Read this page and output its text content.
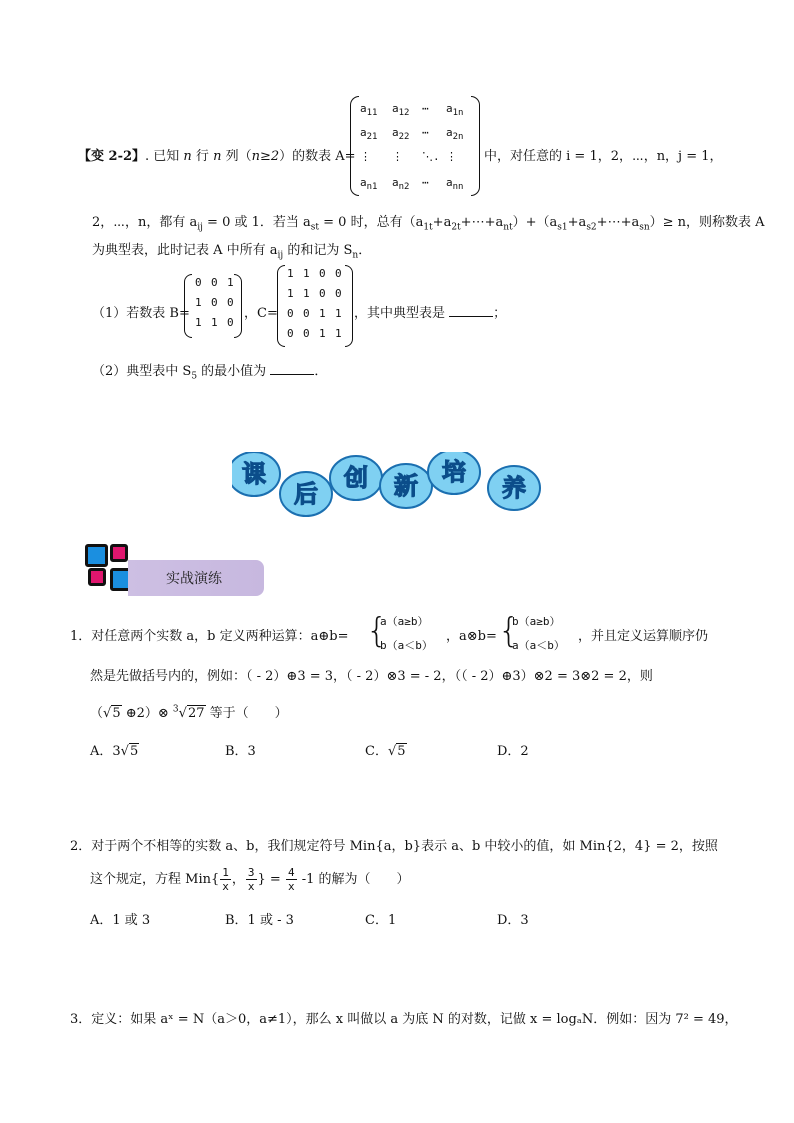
【变 2-2】. 已知 n 行 n 列（n≥2）的数表 A=
$a_{11}$ $a_{12}$ ⋯ $a_{1n}$
$a_{21}$ $a_{22}$ ⋯ $a_{2n}$
⋮ ⋮ ⋱. ⋮
$a_{n1}$ $a_{n2}$ ⋯ $a_{nn}$
中，对任意的 i = 1，2，⋯，n，j = 1，
2，⋯，n，都有 $a_{ij} = 0$ 或 1．若当 $a_{st} = 0$ 时，总有$(a_{1t}+a_{2t}+\cdots+a_{nt})+(a_{s1}+a_{s2}+\cdots+a_{sn})\ge n$，则称数表 A
为典型表，此时记表 A 中所有 $a_{ij}$ 的和记为 $S_n$．
（1）若数表 B=
0 0 1
1 0 0
1 1 0
，C=
1 1 0 0
1 1 0 0
0 0 1 1
0 0 1 1
，其中典型表是	；
（2）典型表中 $S_5$ 的最小值为	．
课
后
创 新 培
养
实战演练
1．对任意两个实数 a，b 定义两种运算：a⊕b= {
a（a≥b）
b（a＜b）
，a⊗b= {
b（a≥b）
a（a＜b）
，并且定义运算顺序仍
然是先做括号内的，例如：（ - 2）⊕3 = 3，（ - 2）⊗3 = - 2，（（ - 2）⊕3）⊗2 = 3⊗2 = 2，则
（√5 ⊕2）⊗ $^3$√27 等于（　　）
A．3√5	B．3	C．√5	D．2
2．对于两个不相等的实数 a、b，我们规定符号 Min{a，b}表示 a、b 中较小的值，如 Min{2，4} = 2，按照
这个规定，方程 $Min\{ \frac{1}{x}$ ， $\frac{3}{x}$ } = $\frac{4}{x} -1$ 的解为（　　）
A．1 或 3	B．1 或 - 3	C．1	D．3
3．定义：如果 aˣ = N（a＞0，a≠1），那么 x 叫做以 a 为底 N 的对数，记做 x = logₐN．例如：因为 7² = 49，
